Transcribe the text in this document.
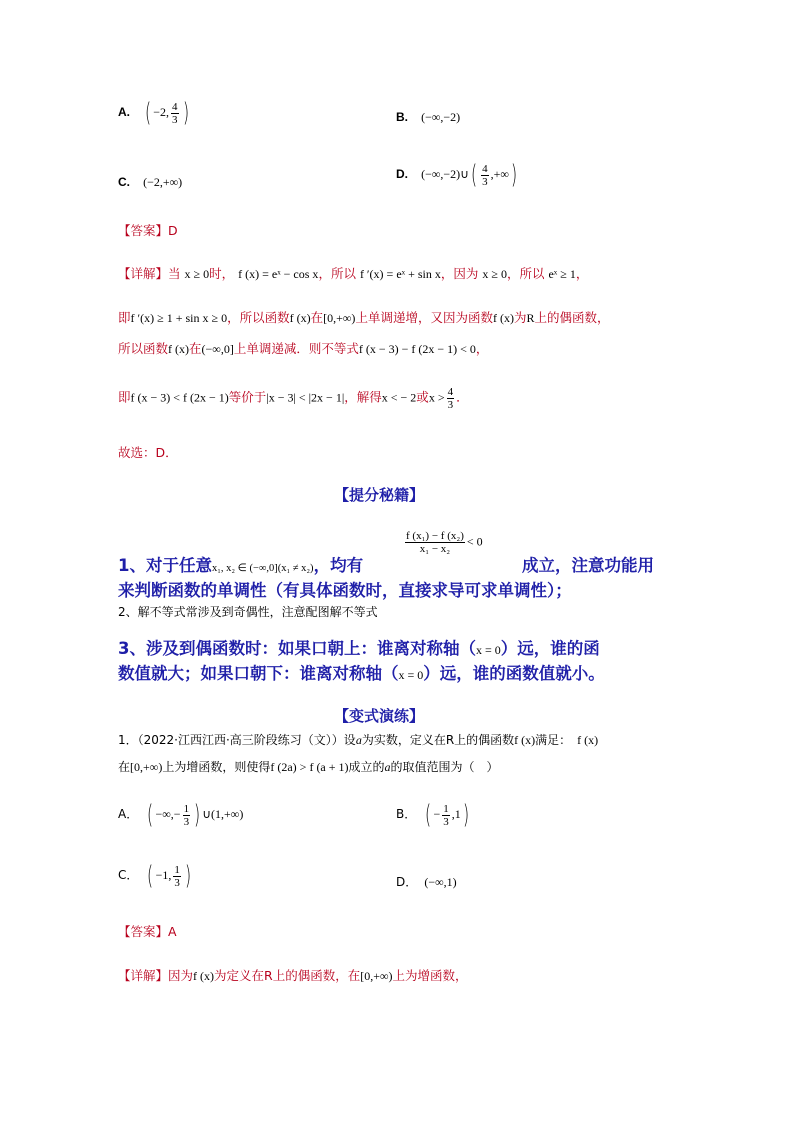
A. ( −2, $\frac{4}{3}$ )	B. (−∞,−2)
C. (−2,+∞)
D. (−∞,−2)∪( $\frac{4}{3}$ ,+∞)
【答案】D
【详解】当 x ≥ 0时， f (x) = eˣ − cos x，所以 f ′(x) = eˣ + sin x，因为 x ≥ 0，所以 eˣ ≥ 1，
即f ′(x) ≥ 1 + sin x ≥ 0，所以函数f (x)在[0,+∞)上单调递增，又因为函数f (x)为R上的偶函数，
所以函数f (x)在(−∞,0]上单调递减．则不等式f (x − 3) − f (2x − 1) < 0，
即f (x − 3) < f (2x − 1)等价于|x − 3| < |2x − 1|，解得x < − 2或$x > \frac{4}{3}$ ．
故选：D．
【提分秘籍】
$\frac{\text{f (x₁) − f (x₂)}}{\text{x₁ − x₂}} < 0$
1、对于任意x₁, x₂ ∈ (−∞,0](x₁ ≠ x₂)，均有	成立，注意功能用
来判断函数的单调性（有具体函数时，直接求导可求单调性）；
2、解不等式常涉及到奇偶性，注意配图解不等式
3、涉及到偶函数时：如果口朝上：谁离对称轴（x = 0）远，谁的函
数值就大；如果口朝下：谁离对称轴（x = 0）远，谁的函数值就小。
【变式演练】
1．（2022·江西江西·高三阶段练习（文））设a为实数，定义在R上的偶函数f (x)满足： f (x)
在[0,+∞)上为增函数，则使得f (2a) > f (a + 1)成立的a的取值范围为（　）
A． ( −∞,− $\frac{1}{3}$ ) ∪(1,+∞)	B． ( − $\frac{1}{3} ,1$)
C． ( −1, $\frac{1}{3}$ )	D． (−∞,1)
【答案】A
【详解】因为f (x)为定义在R上的偶函数，在[0,+∞)上为增函数，
